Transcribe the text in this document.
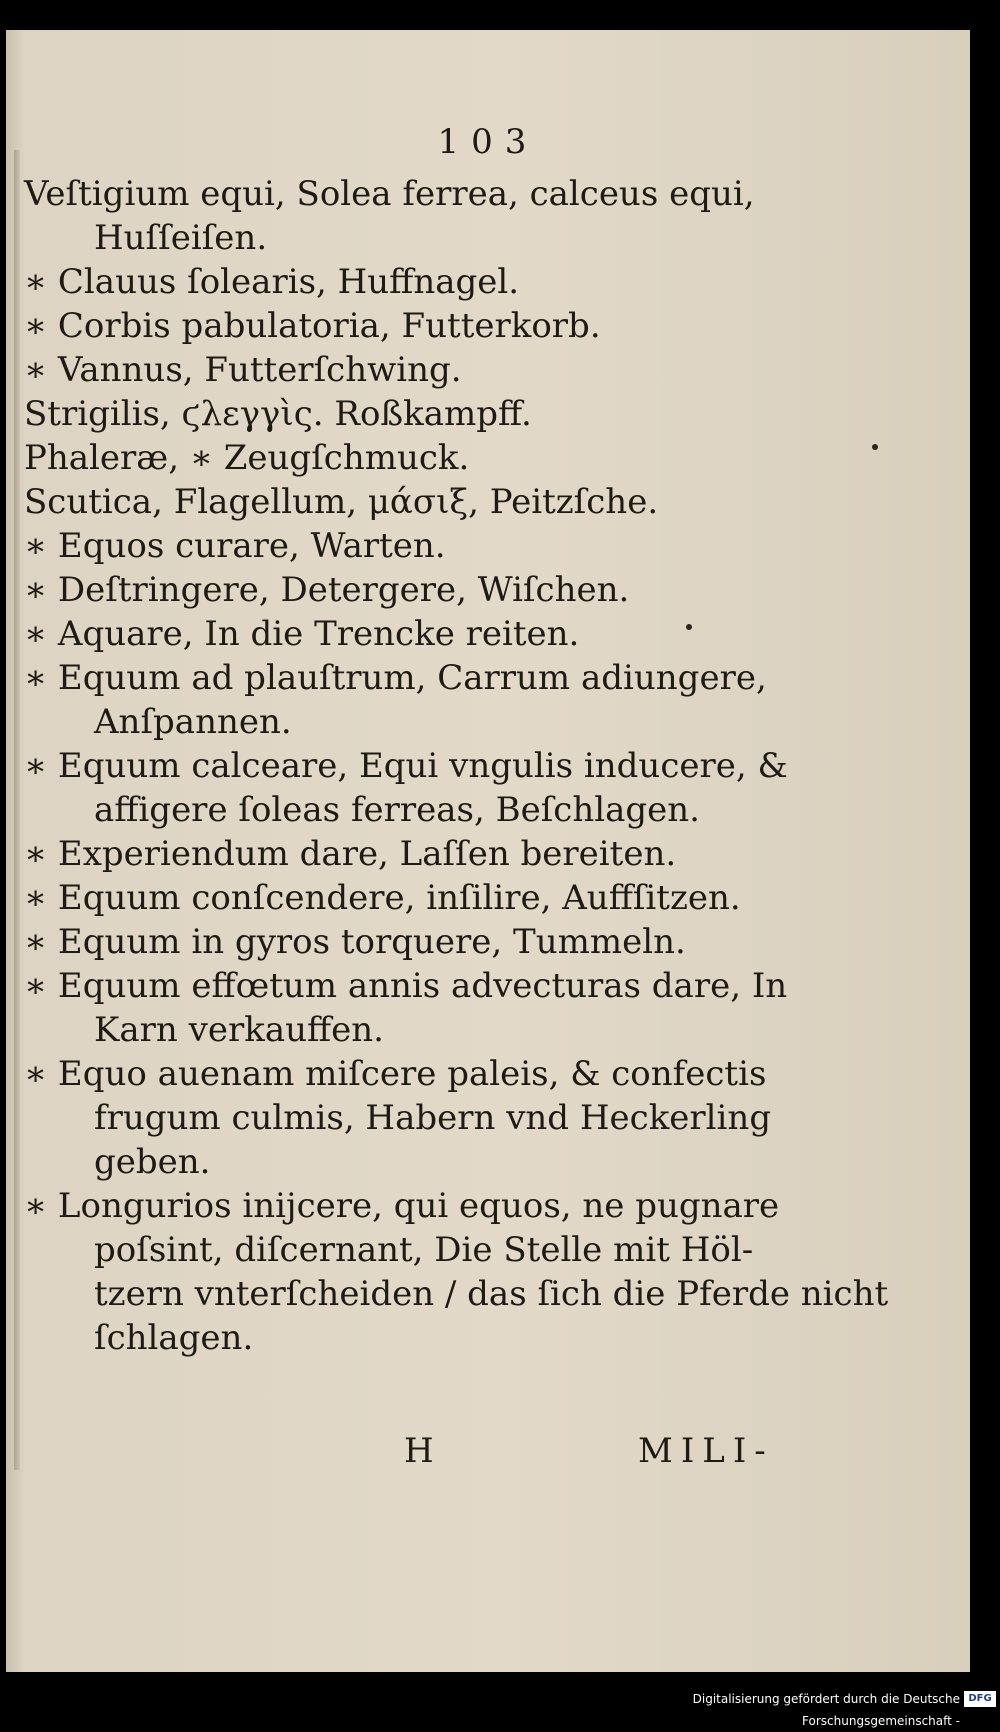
103
Veſtigium equi, Solea ferrea, calceus equi,
Huſſeiſen.
∗ Clauus ſolearis, Huffnagel.
∗ Corbis pabulatoria, Futterkorb.
∗ Vannus, Futterſchwing.
Strigilis, ϛλεγγὶς. Roßkampff.
Phaleræ, ∗ Zeugſchmuck.
Scutica, Flagellum, μάσιξ, Peitzſche.
∗ Equos curare, Warten.
∗ Deſtringere, Detergere, Wiſchen.
∗ Aquare, In die Trencke reiten.
∗ Equum ad plauſtrum, Carrum adiungere,
Anſpannen.
∗ Equum calceare, Equi vngulis inducere, &
affigere ſoleas ferreas, Beſchlagen.
∗ Experiendum dare, Laſſen bereiten.
∗ Equum conſcendere, inſilire, Auffſitzen.
∗ Equum in gyros torquere, Tummeln.
∗ Equum effœtum annis advecturas dare, In
Karn verkauffen.
∗ Equo auenam miſcere paleis, & confectis
frugum culmis, Habern vnd Heckerling
geben.
∗ Longurios inijcere, qui equos, ne pugnare
poſsint, diſcernant, Die Stelle mit Höl-
tzern vnterſcheiden / das ſich die Pferde nicht
ſchlagen.
H	MILI-
Digitalisierung gefördert durch die Deutsche Forschungsgemeinschaft -
DFG
